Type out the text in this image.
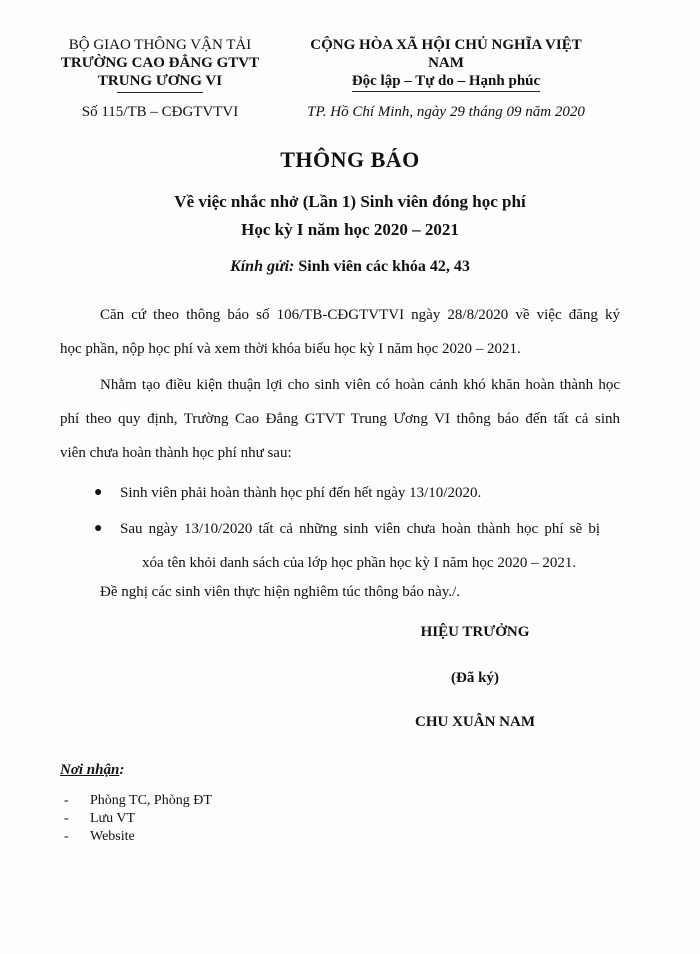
BỘ GIAO THÔNG VẬN TẢI
TRƯỜNG CAO ĐẲNG GTVT
TRUNG ƯƠNG VI
Số 115/TB – CĐGTVTVI
CỘNG HÒA XÃ HỘI CHỦ NGHĨA VIỆT NAM
Độc lập – Tự do – Hạnh phúc
TP. Hồ Chí Minh, ngày 29 tháng 09 năm 2020
THÔNG BÁO
Về việc nhắc nhở (Lần 1) Sinh viên đóng học phí
Học kỳ I năm học 2020 – 2021
Kính gửi: Sinh viên các khóa 42, 43
Căn cứ theo thông báo số 106/TB-CĐGTVTVI ngày 28/8/2020 về việc đăng ký
học phần, nộp học phí và xem thời khóa biểu học kỳ I năm học 2020 – 2021.
Nhằm tạo điều kiện thuận lợi cho sinh viên có hoàn cảnh khó khăn hoàn thành học
phí theo quy định, Trường Cao Đẳng GTVT Trung Ương VI thông báo đến tất cả sinh
viên chưa hoàn thành học phí như sau:
● Sinh viên phải hoàn thành học phí đến hết ngày 13/10/2020.
● Sau ngày 13/10/2020 tất cả những sinh viên chưa hoàn thành học phí sẽ bị
xóa tên khỏi danh sách của lớp học phần học kỳ I năm học 2020 – 2021.
Đề nghị các sinh viên thực hiện nghiêm túc thông báo này./.
HIỆU TRƯỞNG
(Đã ký)
CHU XUÂN NAM
Nơi nhận:
- Phòng TC, Phòng ĐT
- Lưu VT
- Website
